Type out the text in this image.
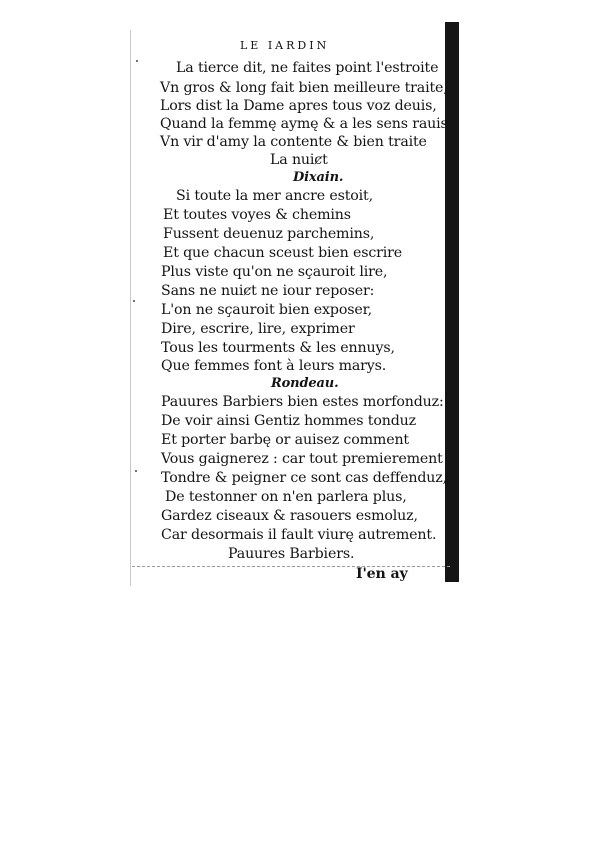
LE IARDIN
La tierce dit, ne faites point l'estroite
Vn gros & long fait bien meilleure traite,
Lors dist la Dame apres tous voz deuis,
Quand la femmę aymę & a les sens rauis,
Vn vir d'amy la contente & bien traite
La nuiȼt
Dixain.
Si toute la mer ancre estoit,
Et toutes voyes & chemins
Fussent deuenuz parchemins,
Et que chacun sceust bien escrire
Plus viste qu'on ne sçauroit lire,
Sans ne nuiȼt ne iour reposer:
L'on ne sçauroit bien exposer,
Dire, escrire, lire, exprimer
Tous les tourments & les ennuys,
Que femmes font à leurs marys.
Rondeau.
Pauures Barbiers bien estes morfonduz:
De voir ainsi Gentiz hommes tonduz
Et porter barbę or auisez comment
Vous gaignerez : car tout premierement
Tondre & peigner ce sont cas deffenduz,
De testonner on n'en parlera plus,
Gardez ciseaux & rasouers esmoluz,
Car desormais il fault viurę autrement.
Pauures Barbiers.
I'en ay
